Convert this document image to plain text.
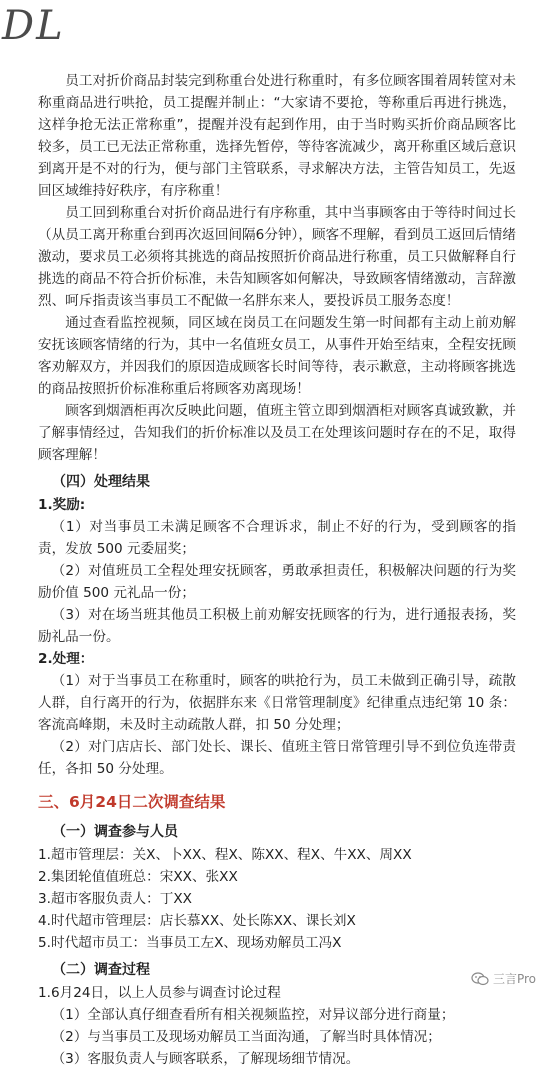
DL

员工对折价商品封装完到称重台处进行称重时，有多位顾客围着周转筐对未称重商品进行哄抢，员工提醒并制止：“大家请不要抢，等称重后再进行挑选，这样争抢无法正常称重”，提醒并没有起到作用，由于当时购买折价商品顾客比较多，员工已无法正常称重，选择先暂停，等待客流减少，离开称重区域后意识到离开是不对的行为，便与部门主管联系，寻求解决方法，主管告知员工，先返回区域维持好秩序，有序称重！

员工回到称重台对折价商品进行有序称重，其中当事顾客由于等待时间过长（从员工离开称重台到再次返回间隔6分钟），顾客不理解，看到员工返回后情绪激动，要求员工必须将其挑选的商品按照折价商品进行称重，员工只做解释自行挑选的商品不符合折价标准，未告知顾客如何解决，导致顾客情绪激动，言辞激烈、呵斥指责该当事员工不配做一名胖东来人，要投诉员工服务态度！

通过查看监控视频，同区域在岗员工在问题发生第一时间都有主动上前劝解安抚该顾客情绪的行为，其中一名值班女员工，从事件开始至结束，全程安抚顾客劝解双方，并因我们的原因造成顾客长时间等待，表示歉意，主动将顾客挑选的商品按照折价标准称重后将顾客劝离现场！

顾客到烟酒柜再次反映此问题，值班主管立即到烟酒柜对顾客真诚致歉，并了解事情经过，告知我们的折价标准以及员工在处理该问题时存在的不足，取得顾客理解！

（四）处理结果

1.奖励:

（1）对当事员工未满足顾客不合理诉求，制止不好的行为，受到顾客的指责，发放 500 元委屈奖；

（2）对值班员工全程处理安抚顾客，勇敢承担责任，积极解决问题的行为奖励价值 500 元礼品一份；

（3）对在场当班其他员工积极上前劝解安抚顾客的行为，进行通报表扬，奖励礼品一份。

2.处理：

（1）对于当事员工在称重时，顾客的哄抢行为，员工未做到正确引导，疏散人群，自行离开的行为，依据胖东来《日常管理制度》纪律重点违纪第 10 条：客流高峰期，未及时主动疏散人群，扣 50 分处理；

（2）对门店店长、部门处长、课长、值班主管日常管理引导不到位负连带责任，各扣 50 分处理。

三、6月24日二次调查结果

（一）调查参与人员

1.超市管理层：关X、卜XX、程X、陈XX、程X、牛XX、周XX

2.集团轮值值班总：宋XX、张XX

3.超市客服负责人：丁XX

4.时代超市管理层：店长慕XX、处长陈XX、课长刘X

5.时代超市员工：当事员工左X、现场劝解员工冯X

（二）调查过程

1.6月24日，以上人员参与调查讨论过程

（1）全部认真仔细查看所有相关视频监控，对异议部分进行商量；

（2）与当事员工及现场劝解员工当面沟通，了解当时具体情况；

（3）客服负责人与顾客联系，了解现场细节情况。

三言Pro
